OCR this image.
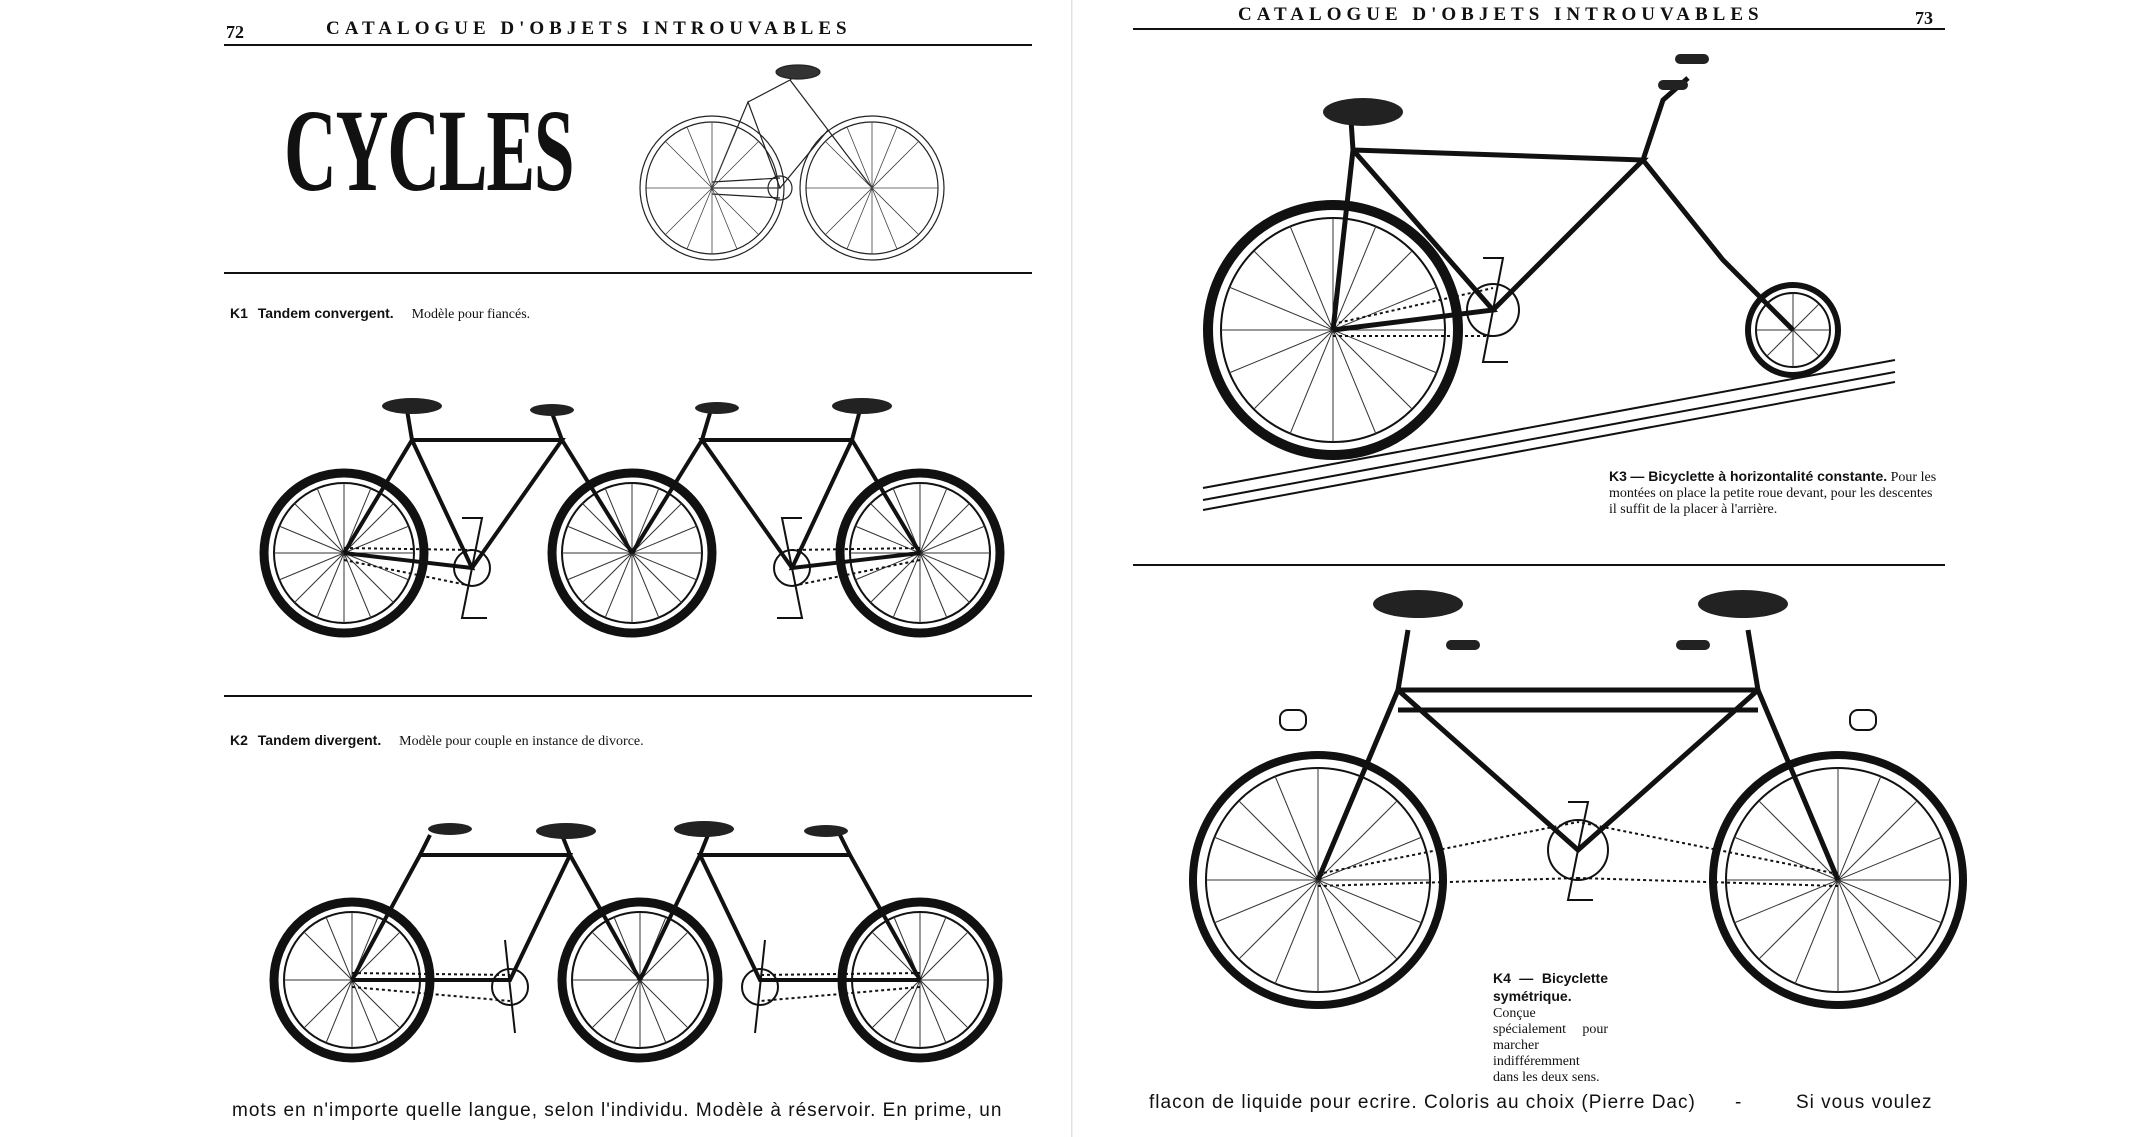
72	CATALOGUE D'OBJETS INTROUVABLES
CYCLES
K1 Tandem convergent. Modèle pour fiancés.
K2 Tandem divergent. Modèle pour couple en instance de divorce.
mots en n'importe quelle langue, selon l'individu. Modèle à réservoir. En prime, un
CATALOGUE D'OBJETS INTROUVABLES	73
K3 — Bicyclette à horizontalité constante. Pour les montées on place la petite roue devant, pour les descentes il suffit de la placer à l'arrière.
K4 — Bicyclette symétrique. Conçue spécialement pour marcher indifféremment dans les deux sens.
flacon de liquide pour ecrire. Coloris au choix (Pierre Dac) -	Si vous voulez
